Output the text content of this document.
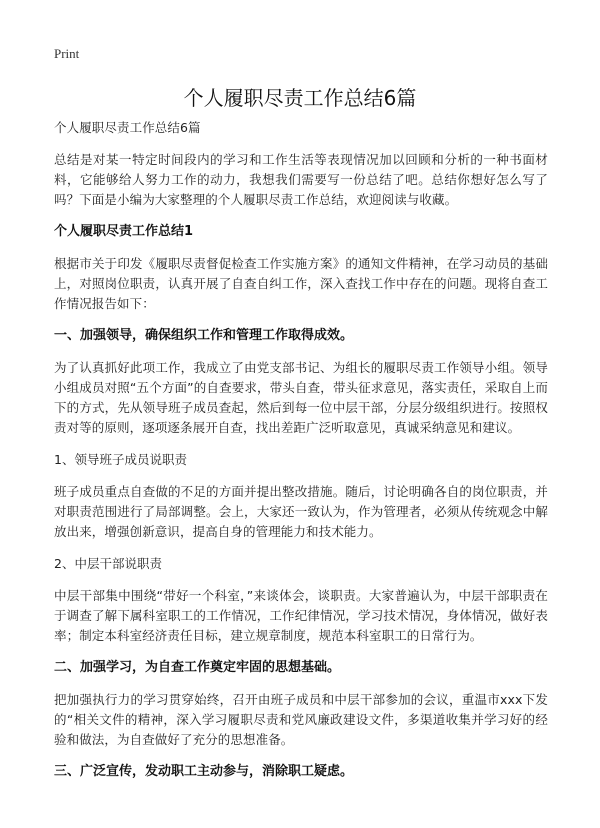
Print
个人履职尽责工作总结6篇

个人履职尽责工作总结6篇

总结是对某一特定时间段内的学习和工作生活等表现情况加以回顾和分析的一种书面材料，它能够给人努力工作的动力，我想我们需要写一份总结了吧。总结你想好怎么写了吗？下面是小编为大家整理的个人履职尽责工作总结，欢迎阅读与收藏。

个人履职尽责工作总结1

根据市关于印发《履职尽责督促检查工作实施方案》的通知文件精神，在学习动员的基础上，对照岗位职责，认真开展了自查自纠工作，深入查找工作中存在的问题。现将自查工作情况报告如下：

一、加强领导，确保组织工作和管理工作取得成效。

为了认真抓好此项工作，我成立了由党支部书记、为组长的履职尽责工作领导小组。领导小组成员对照“五个方面”的自查要求，带头自查，带头征求意见，落实责任，采取自上而下的方式，先从领导班子成员查起，然后到每一位中层干部，分层分级组织进行。按照权责对等的原则，逐项逐条展开自查，找出差距广泛听取意见，真诚采纳意见和建议。

1、领导班子成员说职责

班子成员重点自查做的不足的方面并提出整改措施。随后，讨论明确各自的岗位职责，并对职责范围进行了局部调整。会上，大家还一致认为，作为管理者，必须从传统观念中解放出来，增强创新意识，提高自身的管理能力和技术能力。

2、中层干部说职责

中层干部集中围绕“带好一个科室，”来谈体会，谈职责。大家普遍认为，中层干部职责在于调查了解下属科室职工的工作情况，工作纪律情况，学习技术情况，身体情况，做好表率；制定本科室经济责任目标，建立规章制度，规范本科室职工的日常行为。

二、加强学习，为自查工作奠定牢固的思想基础。

把加强执行力的学习贯穿始终，召开由班子成员和中层干部参加的会议，重温市xxx下发的“相关文件的精神，深入学习履职尽责和党风廉政建设文件，多渠道收集并学习好的经验和做法，为自查做好了充分的思想准备。

三、广泛宣传，发动职工主动参与，消除职工疑虑。
